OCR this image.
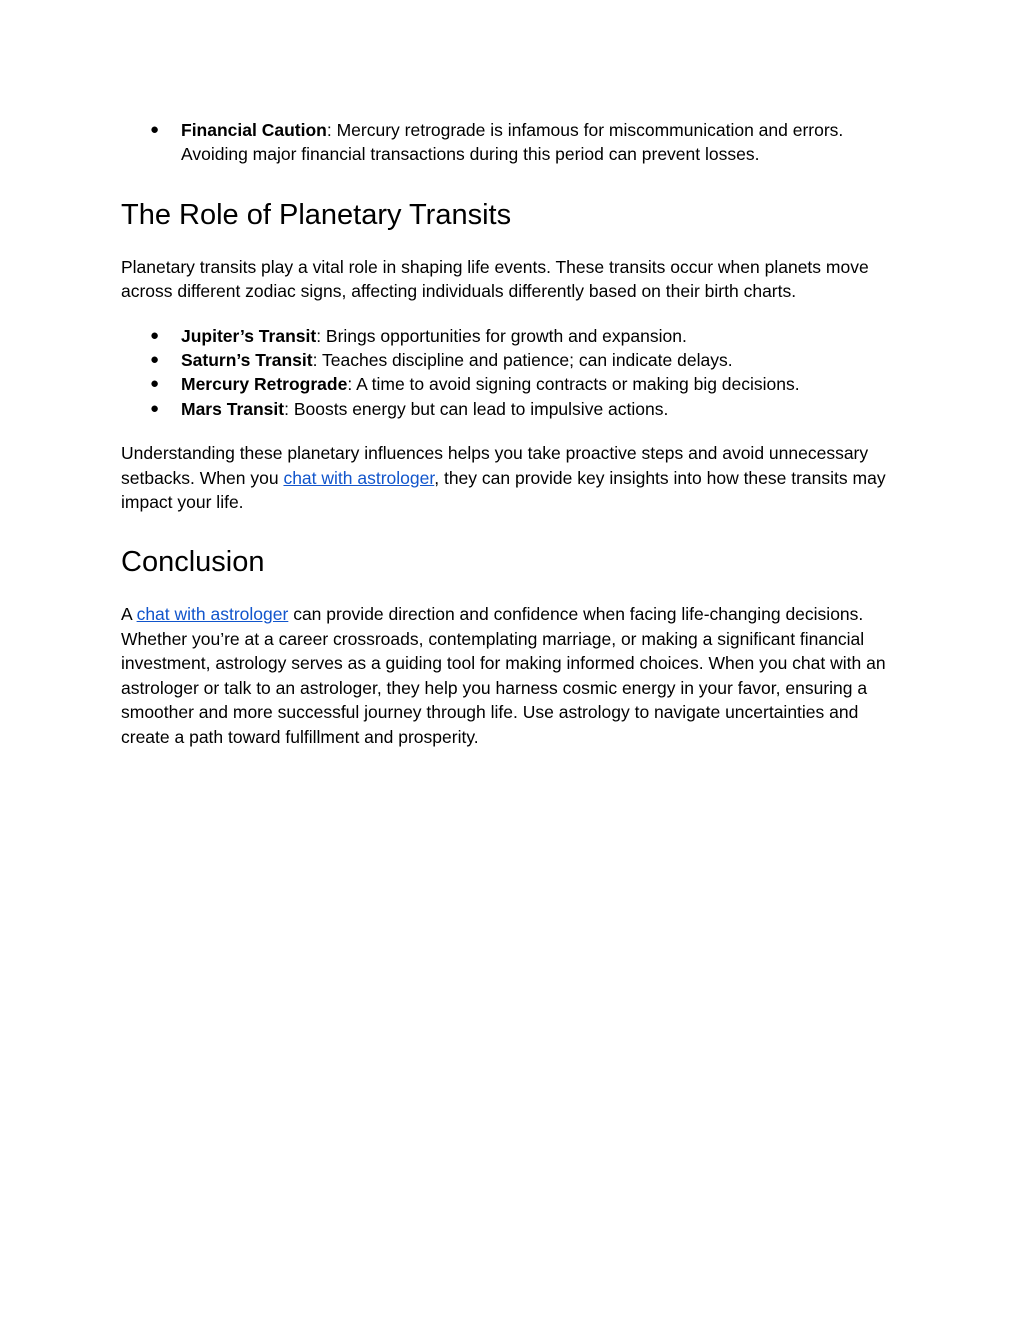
● Financial Caution: Mercury retrograde is infamous for miscommunication and errors. Avoiding major financial transactions during this period can prevent losses.
The Role of Planetary Transits

Planetary transits play a vital role in shaping life events. These transits occur when planets move across different zodiac signs, affecting individuals differently based on their birth charts.

● Jupiter’s Transit: Brings opportunities for growth and expansion.
● Saturn’s Transit: Teaches discipline and patience; can indicate delays.
● Mercury Retrograde: A time to avoid signing contracts or making big decisions.
● Mars Transit: Boosts energy but can lead to impulsive actions.

Understanding these planetary influences helps you take proactive steps and avoid unnecessary setbacks. When you chat with astrologer, they can provide key insights into how these transits may impact your life.

Conclusion

A chat with astrologer can provide direction and confidence when facing life-changing decisions. Whether you’re at a career crossroads, contemplating marriage, or making a significant financial investment, astrology serves as a guiding tool for making informed choices. When you chat with an astrologer or talk to an astrologer, they help you harness cosmic energy in your favor, ensuring a smoother and more successful journey through life. Use astrology to navigate uncertainties and create a path toward fulfillment and prosperity.
